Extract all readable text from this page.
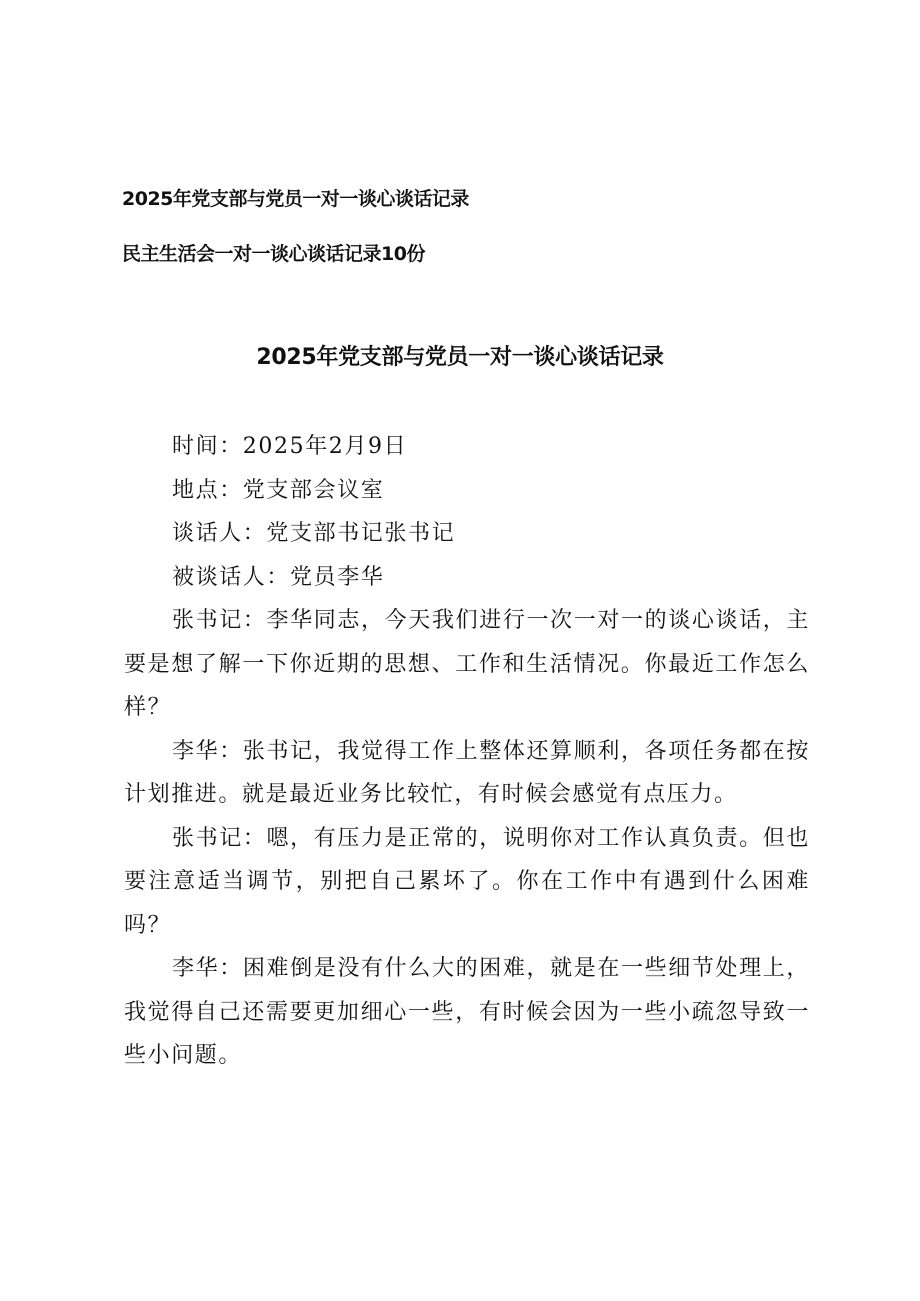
2025年党支部与党员一对一谈心谈话记录
民主生活会一对一谈心谈话记录10份
2025年党支部与党员一对一谈心谈话记录

时间：2025年2月9日

地点：党支部会议室

谈话人：党支部书记张书记

被谈话人：党员李华

张书记：李华同志，今天我们进行一次一对一的谈心谈话，主要是想了解一下你近期的思想、工作和生活情况。你最近工作怎么样？

李华：张书记，我觉得工作上整体还算顺利，各项任务都在按计划推进。就是最近业务比较忙，有时候会感觉有点压力。

张书记：嗯，有压力是正常的，说明你对工作认真负责。但也要注意适当调节，别把自己累坏了。你在工作中有遇到什么困难吗？

李华：困难倒是没有什么大的困难，就是在一些细节处理上，我觉得自己还需要更加细心一些，有时候会因为一些小疏忽导致一些小问题。
